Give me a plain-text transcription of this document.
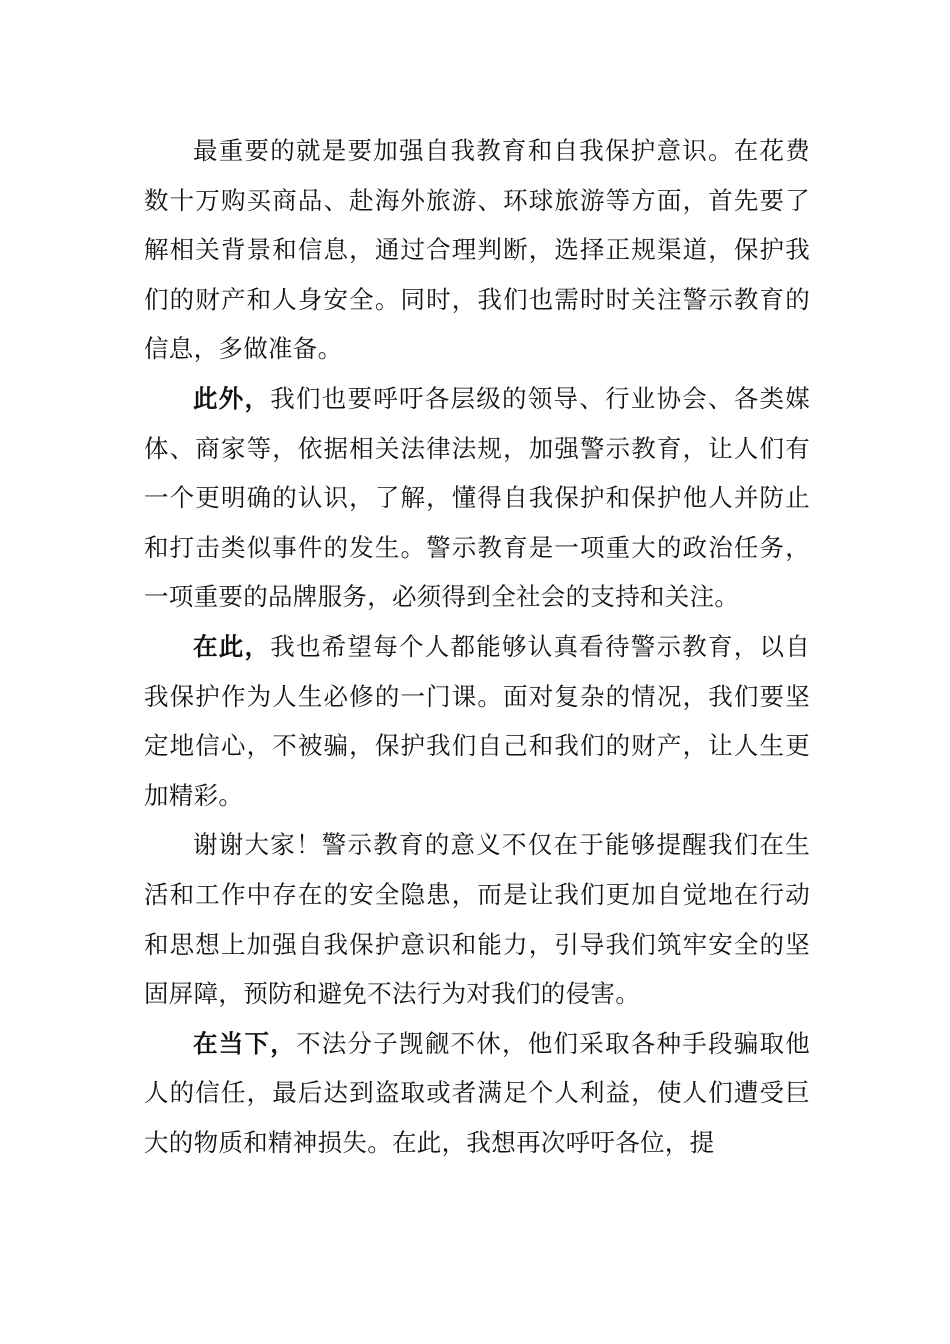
最重要的就是要加强自我教育和自我保护意识。在花费数十万购买商品、赴海外旅游、环球旅游等方面，首先要了解相关背景和信息，通过合理判断，选择正规渠道，保护我们的财产和人身安全。同时，我们也需时时关注警示教育的信息，多做准备。

此外，我们也要呼吁各层级的领导、行业协会、各类媒体、商家等，依据相关法律法规，加强警示教育，让人们有一个更明确的认识，了解，懂得自我保护和保护他人并防止和打击类似事件的发生。警示教育是一项重大的政治任务，一项重要的品牌服务，必须得到全社会的支持和关注。

在此，我也希望每个人都能够认真看待警示教育，以自我保护作为人生必修的一门课。面对复杂的情况，我们要坚定地信心，不被骗，保护我们自己和我们的财产，让人生更加精彩。

谢谢大家！警示教育的意义不仅在于能够提醒我们在生活和工作中存在的安全隐患，而是让我们更加自觉地在行动和思想上加强自我保护意识和能力，引导我们筑牢安全的坚固屏障，预防和避免不法行为对我们的侵害。

在当下，不法分子觊觎不休，他们采取各种手段骗取他人的信任，最后达到盗取或者满足个人利益，使人们遭受巨大的物质和精神损失。在此，我想再次呼吁各位，提
